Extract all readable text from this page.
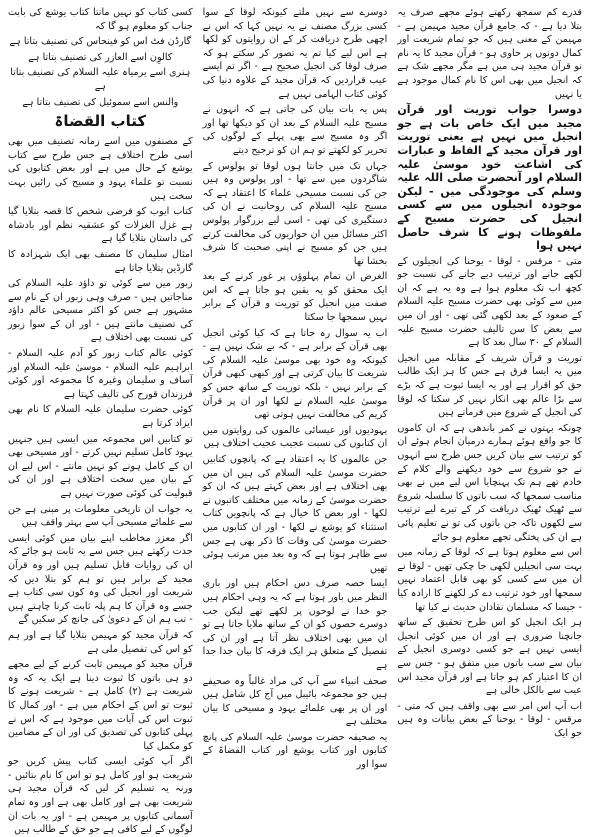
قدرے کم سمجھ رکھتے ہوئے مجھے صرف یہ بتلا دیا ہے - کہ جامع قرآن مجید مہیمن ہے - مہیمن کے معنی ہیں کہ جو تمام شریعت اور کمال دونوں پر حاوی ہو - قرآن مجید کا یہ نام نو قرآن مجید ہی میں ہے مگر مجھے شک ہے کہ انجیل میں بھی اس کا نام کمال موجود ہے یا نہیں

دوسرا جواب توریت اور قرآن مجید میں ایک خاص بات ہے جو انجیل میں نہیں ہے یعنی توریت اور قرآن مجید کے الفاظ و عبارات کی اشاعت خود موسیٰ علیہ السلام اور آنحضرت صلی اللہ علیہ وسلم کی موجودگی میں - لیکن موجودہ انجیلوں میں سے کسی انجیل کی حضرت مسیح کے ملفوظات ہونے کا شرف حاصل نہیں ہوا

متی - مرقس - لوقا - یوحنا کی انجیلوں کے لکھے جانے اور ترتیب دیے جانے کی نسبت جو کچھ اب تک معلوم ہوا ہے وہ یہ ہے کہ ان میں سے کوئی بھی حضرت مسیح علیہ السلام کے صعود کے بعد لکھی گئی تھی - اور ان میں سے بعض کا سن تالیف حضرت مسیح علیہ السلام کے ۳۰ سال بعد کا ہے

توریت و قرآن شریف کے مقابلہ میں انجیل میں یہ ایسا فرق ہے جس کا ہر ایک طالب حق کو اقرار ہے اور یہ ایسا ثبوت ہے کہ بڑے سے بڑا عالم بھی انکار نہیں کر سکتا کہ لوقا کی انجیل کے شروع میں فرماتے ہیں

چونکہ بہتوں نے کمر باندھی ہے کہ ان کاموں کا جو واقع ہوئے ہمارے درمیان انجام ہوئے ان کو ترتیب سے بیان کریں جس طرح سے انہوں نے جو شروع سے خود دیکھنے والے کلام کے خادم تھے ہم تک پہنچایا اس لیے میں نے بھی مناسب سمجھا کہ سب باتوں کا سلسلہ شروع سے ٹھیک ٹھیک دریافت کر کے تیرے لیے ترتیب سے لکھوں تاکہ جن باتوں کی تو نے تعلیم پائی ہے ان کی پختگی تجھے معلوم ہو جائے

اس سے معلوم ہوتا ہے کہ لوقا کے زمانہ میں بہت سی انجیلیں لکھی جا چکی تھیں - لوقا نے ان میں سے کسی کو بھی قابل اعتماد نہیں سمجھا اور خود ترتیب دے کر لکھنے کا ارادہ کیا - جیسا کہ مسلمان نقادان حدیث نے کیا تھا

ہر ایک انجیل کو اس طرح تحقیق کے ساتھ جانچنا ضروری ہے اور ان میں کوئی انجیل ایسی نہیں ہے جو کسی دوسری انجیل کے بیان سے سب باتوں میں متفق ہو - جس سے ان کا اعتبار کم ہو جاتا ہے اور قرآن مجید اس عیب سے بالکل خالی ہے

اب آپ اس امر سے بھی واقف ہیں کہ متی - مرقس - لوقا - یوحنا کے بعض بیانات وہ ہیں جو ایک

دوسرے سے نہیں ملتے کیونکہ لوقا کے سوا کسی بزرگ مصنف نے یہ نہیں کہا کہ اس نے اچھی طرح دریافت کر کے ان روایتوں کو لکھا ہے اس لیے کیا تم یہ تصور کر سکتے ہو کہ صرف لوقا کی انجیل صحیح ہے - اگر تم ایسے عیب قراردیں کہ قرآن مجید کے علاوہ دنیا کی کوئی کتاب الہامی نہیں ہے

پس یہ بات بیان کی جاتی ہے کہ انہوں نے مسیح علیہ السلام کے بعد ان کو دیکھا تھا اور اگر وہ مسیح سے بھی پہلے کے لوگوں کی تحریر کو لکھتے تو ہم ان کو ترجیح دیتے

جہاں تک میں جانتا ہوں لوقا تو پولوس کے شاگردوں میں سے تھا - اور پولوس وہ ہیں جن کی نسبت مسیحی علماء کا اعتقاد ہے کہ مسیح علیہ السلام کی روحانیت نے ان کی دستگیری کی تھی - اسی لیے بزرگوار پولوس اکثر مسائل میں ان حواریوں کی مخالفت کرتے ہیں جن کو مسیح نے اپنی صحبت کا شرف بخشا تھا

الغرض ان تمام پہلوؤں پر غور کرنے کے بعد ایک محقق کو یہ یقین ہو جاتا ہے کہ اس صفت میں انجیل کو توریت و قرآن کے برابر نہیں سمجھا جا سکتا

اب یہ سوال رہ جاتا ہے کہ کیا کوئی انجیل بھی قرآن کے برابر ہے - کہ بے شک نہیں ہے - کیونکہ وہ خود بھی موسیٰ علیہ السلام کی شریعت کا بیان کرتی ہے اور کبھی کبھی قرآن کے برابر نہیں - بلکہ توریت کے ساتھ جس کو موسیٰ علیہ السلام نے لکھا اور ان پر قرآن کریم کی مخالفت نہیں ہوتی تھی

یہودیوں اور عیسائی عالموں کی روایتوں میں ان کتابوں کی نسبت عجیب عجیب اختلاف ہیں

جن عالموں کا یہ اعتقاد ہے کہ پانچوں کتابیں حضرت موسیٰ علیہ السلام کی ہیں ان میں بھی اختلاف ہے اور بعض کہتے ہیں کہ ان کو حضرت موسیٰ کے زمانہ میں مختلف کاتبوں نے لکھا - اور بعض کا خیال ہے کہ پانچویں کتاب استثناء کو یوشع نے لکھا - اور ان کتابوں میں حضرت موسیٰ کی وفات کا ذکر بھی ہے جس سے ظاہر ہوتا ہے کہ وہ بعد میں مرتب ہوئی تھیں

ایسا حصہ صرف دس احکام ہیں اور باری النظر میں باور ہوتا ہے کہ یہ وہی احکام ہیں جو خدا نے لوحوں پر لکھے تھے لیکن جب دوسرے حصوں کو ان کے ساتھ ملایا جاتا ہے تو ان میں بھی اختلاف نظر آتا ہے اور ان کی تفصیل کے متعلق ہر ایک فرقہ کا بیان جدا جدا ہے

صحف انبیاء سے آپ کی مراد غالباً وہ صحیفے ہیں جو مجموعہ بائیبل میں آج کل شامل ہیں اور ان پر بھی علمائے یہود و مسیحی کا بیان مختلف ہے

یہ صحیفہ حضرت موسیٰ علیہ السلام کی پانچ کتابوں اور کتاب یوشع اور کتاب القضاۃ کے سوا اور

کسی کتاب کو نہیں مانتا کتاب یوشع کی بابت جناب کو معلوم ہو گا کہ

گارڈن فٹ اس کو فینحاس کی تصنیف بتاتا ہے

کالوِن اسے العازر کی تصنیف بتاتا ہے

ہنری اسے یرمیاہ علیہ السلام کی تصنیف بتاتا ہے

والنس اسے سموئیل کی تصنیف بتاتا ہے

کتاب القضاۃ

کے مصنفوں میں اسے زمانہ تصنیف میں بھی اسی طرح اختلاف ہے جس طرح سے کتاب یوشع کے حال میں ہے اور بعض کتابوں کی نسبت تو علماء یہود و مسیح کی رائیں بہت سخت ہیں

کتاب ایوب کو فرضی شخص کا قصہ بتلایا گیا ہے غزل الغزلات کو عشقیہ نظم اور بادشاہ کی داستان بتلایا گیا ہے

امثال سلیمان کا مصنف بھی ایک شہزادہ کا گارڈین بتلایا جاتا ہے

زبور میں سے کوئی تو داؤد علیہ السلام کی مناجاتیں ہیں - صرف وہی زبور ان کے نام سے مشہور ہے جس کو اکثر مسیحی عالم داؤد کی تصنیف مانتے ہیں - اور ان کے سوا زبور کی نسبت بھی اختلاف ہے

کوئی عالم کتاب زبور کو آدم علیہ السلام - ابراہیم علیہ السلام - موسیٰ علیہ السلام اور آساف و سلیمان وغیرہ کا مجموعہ اور کوئی فرزندان قورح کی تالیف کہتا ہے

کوئی حضرت سلیمان علیہ السلام کا نام بھی ایزاد کرتا ہے

تو کتابیں اس مجموعہ میں ایسی ہیں جنہیں یہود کامل تسلیم نہیں کرتے - اور مسیحی بھی ان کے کامل ہونے کو نہیں مانتے - اس لیے ان کے بیان میں سخت اختلاف ہے اور ان کی قبولیت کی کوئی صورت نہیں ہے

یہ جواب ان تاریخی معلومات پر مبنی ہے جن سے علمائے مسیحی آپ سے بہتر واقف ہیں

اگر معزز مخاطب اپنے بیان میں کوئی ایسی جدت رکھتے ہیں جس سے یہ ثابت ہو جائے کہ ان کی روایات قابل تسلیم ہیں اور وہ قرآن مجید کے برابر ہیں تو ہم کو بتلا دیں کہ شریعت اور انجیل کی وہ کون سی کتاب ہے جسے وہ قرآن کا ہم پلہ ثابت کرنا چاہتے ہیں - تب ہم ان کے دعویٰ کی جانچ کر سکیں گے

کہ قرآن مجید کو مہیمن بتلایا گیا ہے اور ہم کو اس کی تفصیل ملی ہے

قرآن مجید کو مہیمن ثابت کرنے کے لیے مجھے دو ہی باتوں کا ثبوت دینا ہے ایک یہ کہ وہ شریعت ہے (۲) کامل ہے - شریعت ہونے کا ثبوت تو اس کے احکام میں ہے - اور کمال کا ثبوت اس کی آیات میں موجود ہے کہ اس نے پہلی کتابوں کی تصدیق کی اور ان کے مضامین کو مکمل کیا

اگر آپ کوئی ایسی کتاب پیش کریں جو شریعت ہو اور کامل ہو تو اس کا نام بتائیں - ورنہ یہ تسلیم کر لیں کہ قرآن مجید ہی شریعت بھی ہے اور کامل بھی ہے اور وہ تمام آسمانی کتابوں پر مہیمن ہے - اور یہ بات ان لوگوں کے لیے کافی ہے جو حق کے طالب ہیں
